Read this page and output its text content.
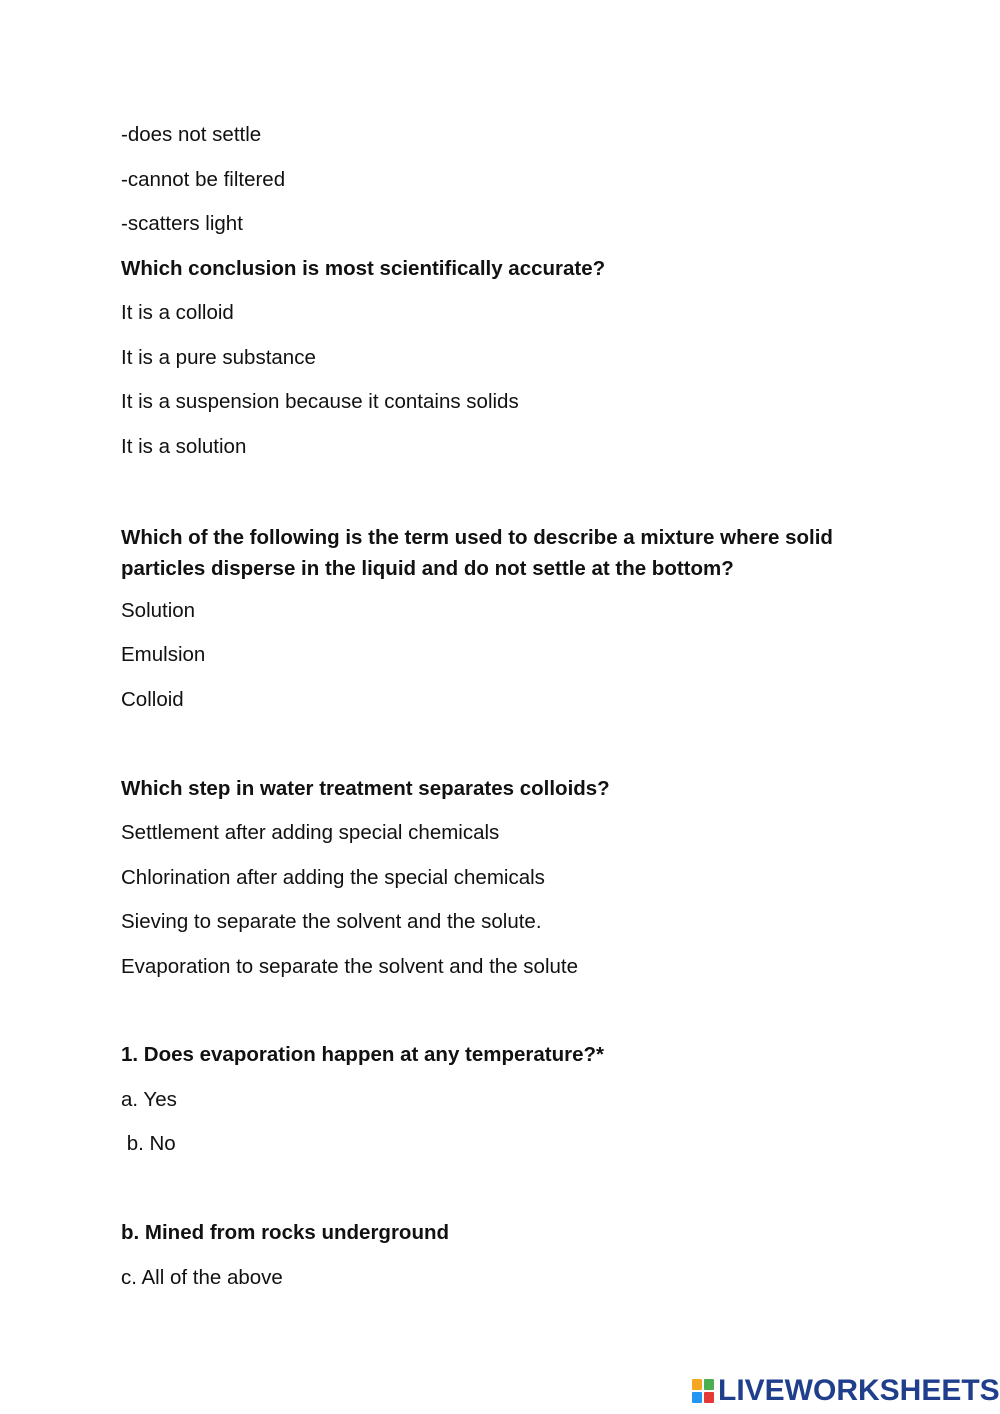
-does not settle
-cannot be filtered
-scatters light
Which conclusion is most scientifically accurate?
It is a colloid
It is a pure substance
It is a suspension because it contains solids
It is a solution
Which of the following is the term used to describe a mixture where solid particles disperse in the liquid and do not settle at the bottom?
Solution
Emulsion
Colloid
Which step in water treatment separates colloids?
Settlement after adding special chemicals
Chlorination after adding the special chemicals
Sieving to separate the solvent and the solute.
Evaporation to separate the solvent and the solute
1. Does evaporation happen at any temperature?*
a. Yes
b. No
b. Mined from rocks underground
c. All of the above
LIVEWORKSHEETS
